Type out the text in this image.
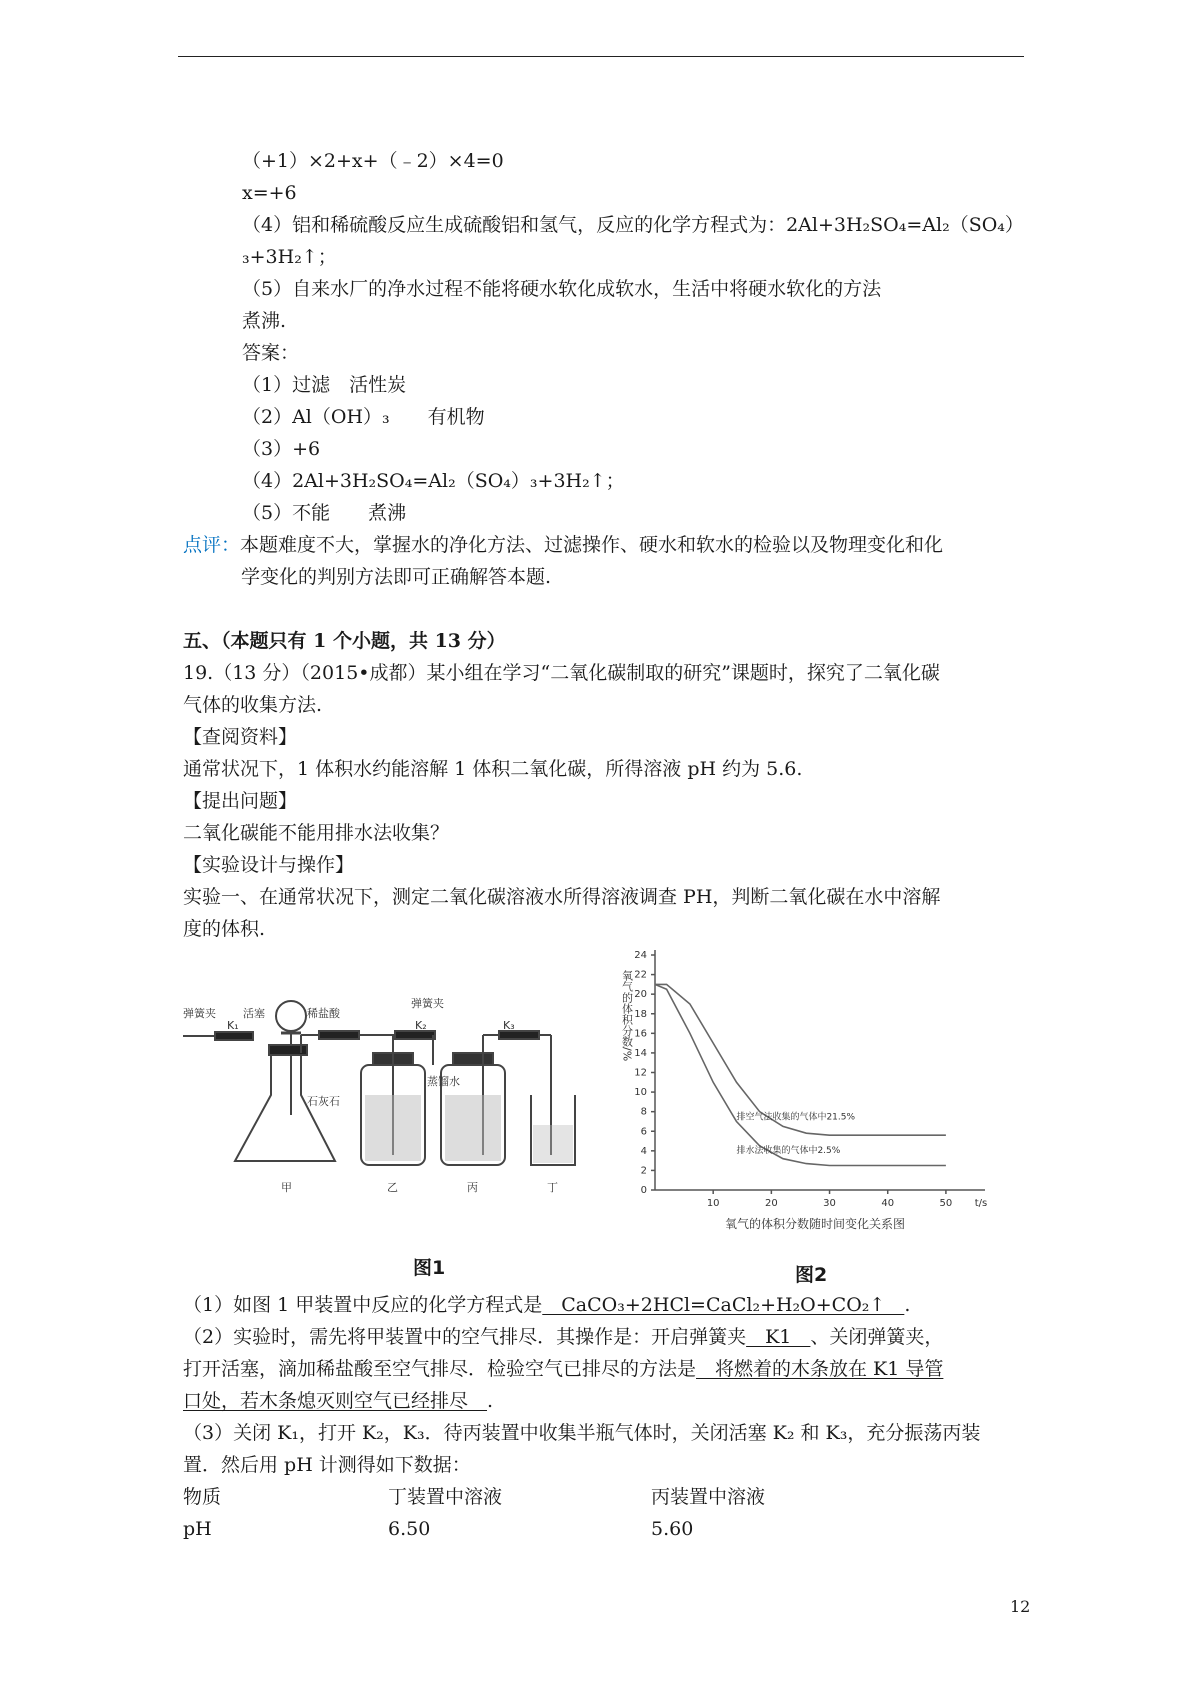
（+1）×2+x+（﹣2）×4=0
x=+6
（4）铝和稀硫酸反应生成硫酸铝和氢气，反应的化学方程式为：2Al+3H₂SO₄=Al₂（SO₄）
₃+3H₂↑；
（5）自来水厂的净水过程不能将硬水软化成软水，生活中将硬水软化的方法
煮沸.
答案：
（1）过滤　活性炭
（2）Al（OH）₃　　有机物
（3）+6
（4）2Al+3H₂SO₄=Al₂（SO₄）₃+3H₂↑；
（5）不能　　煮沸
点评：本题难度不大，掌握水的净化方法、过滤操作、硬水和软水的检验以及物理变化和化
学变化的判别方法即可正确解答本题.
五、（本题只有 1 个小题，共 13 分）
19.（13 分）（2015•成都）某小组在学习“二氧化碳制取的研究”课题时，探究了二氧化碳
气体的收集方法.
【查阅资料】
通常状况下，1 体积水约能溶解 1 体积二氧化碳，所得溶液 pH 约为 5.6.
【提出问题】
二氧化碳能不能用排水法收集？
【实验设计与操作】
实验一、在通常状况下，测定二氧化碳溶液水所得溶液调查 PH，判断二氧化碳在水中溶解
度的体积.
弹簧夹 活塞	稀盐酸
弹簧夹
K₁	K₂	K₃
石灰石
蒸馏水
甲	乙	丙	丁
图1
0
2
4
6
8
10
12
14
16
18
20
22
24
10	20	30	40	50 t/s
排空气法收集的气体中21.5%
排水法收集的气体中2.5%
氧气的体积分数/%
氧气的体积分数随时间变化关系图
图2
（1）如图 1 甲装置中反应的化学方程式是　CaCO₃+2HCl=CaCl₂+H₂O+CO₂↑　.
（2）实验时，需先将甲装置中的空气排尽．其操作是：开启弹簧夹　K1　、关闭弹簧夹，
打开活塞，滴加稀盐酸至空气排尽．检验空气已排尽的方法是　将燃着的木条放在 K1 导管
口处，若木条熄灭则空气已经排尽　.
（3）关闭 K₁，打开 K₂，K₃．待丙装置中收集半瓶气体时，关闭活塞 K₂ 和 K₃，充分振荡丙装
置．然后用 pH 计测得如下数据：
物质	丁装置中溶液	丙装置中溶液
pH	6.50	5.60
12
